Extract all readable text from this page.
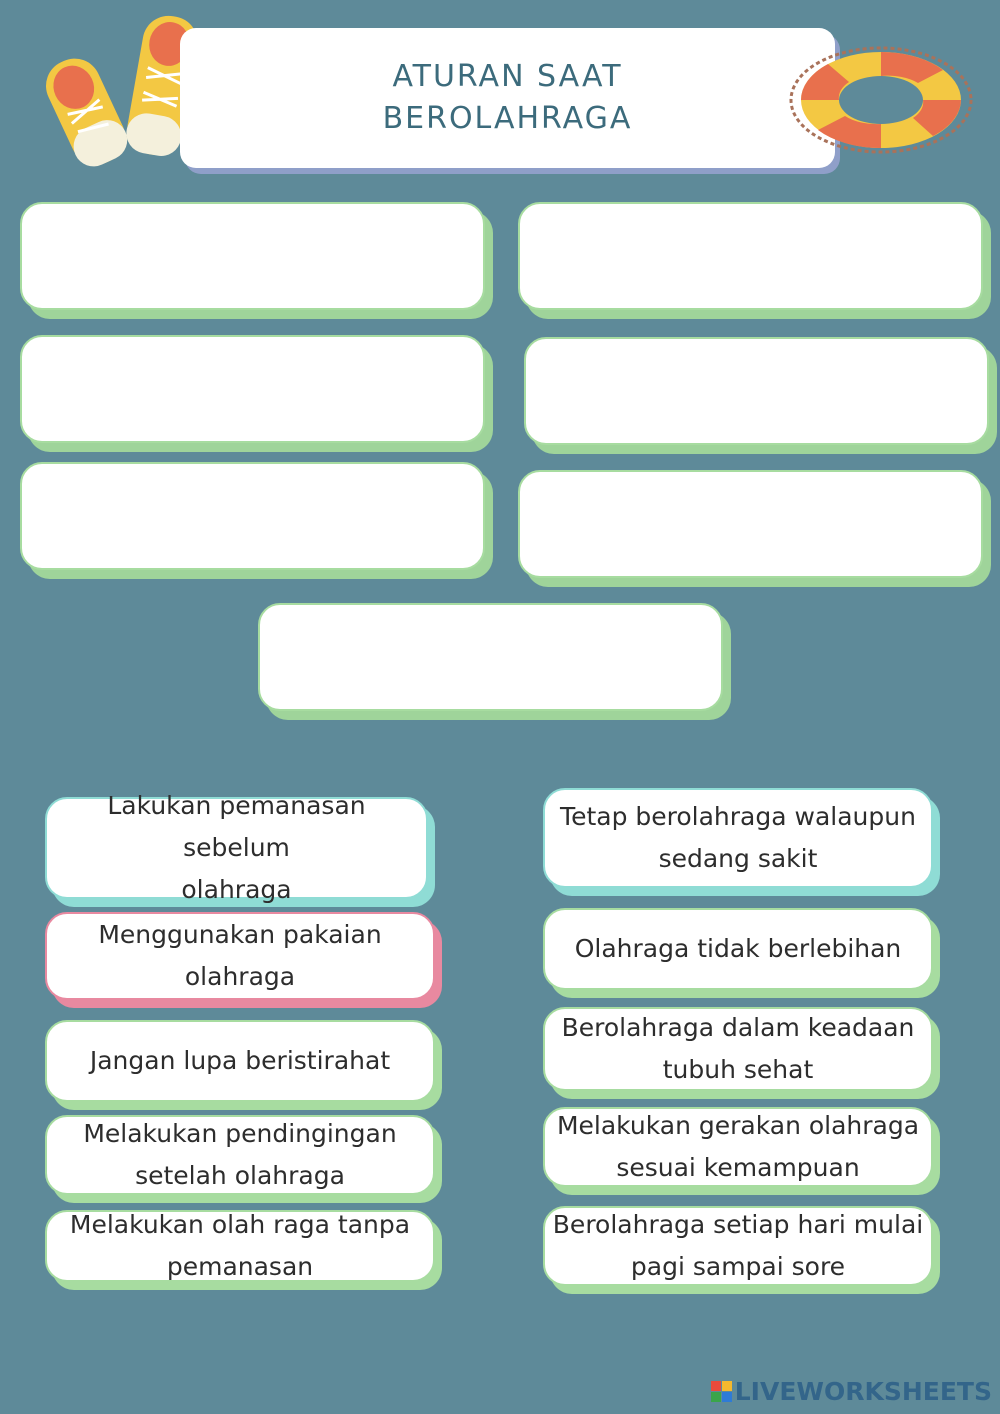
ATURAN SAAT
BEROLAHRAGA
Lakukan pemanasan sebelum
olahraga
Menggunakan pakaian
olahraga
Jangan lupa beristirahat
Melakukan pendingingan
setelah olahraga
Melakukan olah raga tanpa
pemanasan
Tetap berolahraga walaupun
sedang sakit
Olahraga tidak berlebihan
Berolahraga dalam keadaan
tubuh sehat
Melakukan gerakan olahraga
sesuai kemampuan
Berolahraga setiap hari mulai
pagi sampai sore
LIVEWORKSHEETS
